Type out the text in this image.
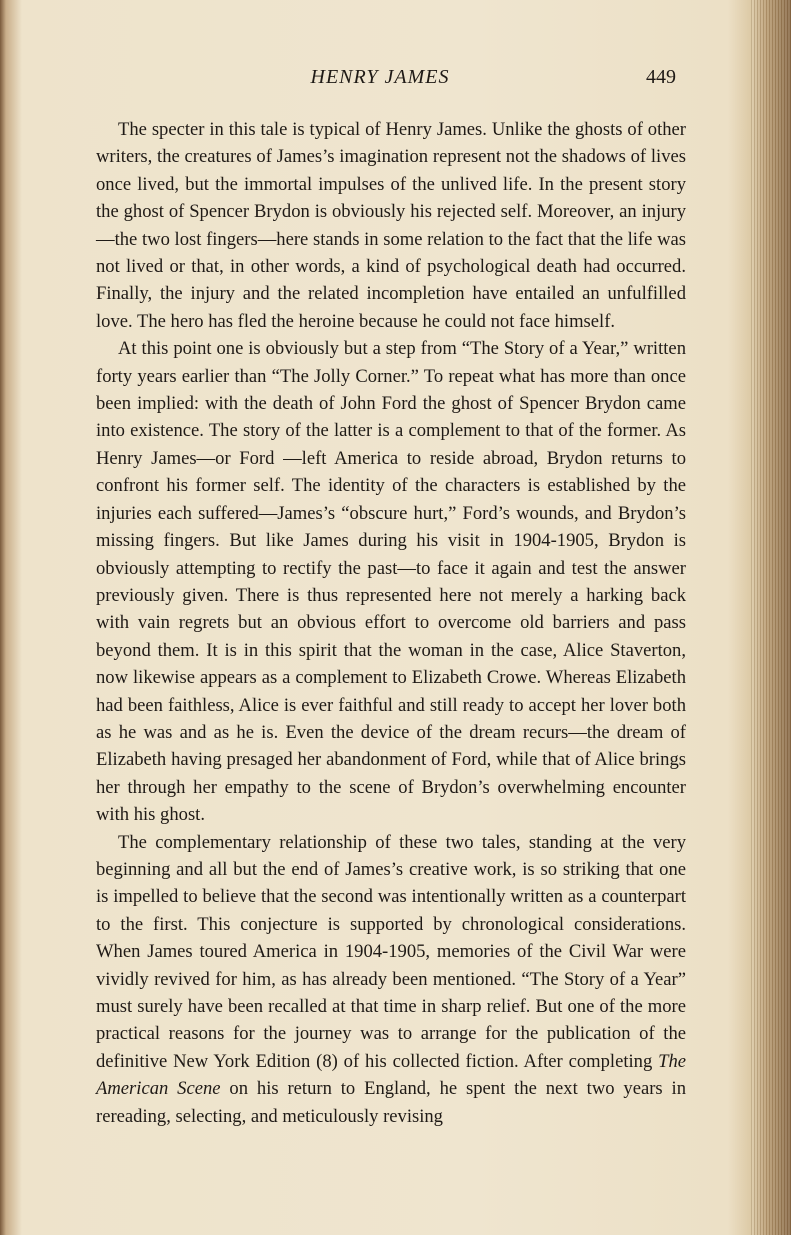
HENRY JAMES	449

The specter in this tale is typical of Henry James. Unlike the ghosts of other writers, the creatures of James’s imagination represent not the shadows of lives once lived, but the immortal impulses of the unlived life. In the present story the ghost of Spencer Brydon is obviously his rejected self. Moreover, an injury—the two lost fingers—here stands in some relation to the fact that the life was not lived or that, in other words, a kind of psychological death had occurred. Finally, the injury and the related incompletion have entailed an unfulfilled love. The hero has fled the heroine because he could not face himself.

At this point one is obviously but a step from “The Story of a Year,” written forty years earlier than “The Jolly Corner.” To repeat what has more than once been implied: with the death of John Ford the ghost of Spencer Brydon came into existence. The story of the latter is a complement to that of the former. As Henry James—or Ford —left America to reside abroad, Brydon returns to confront his former self. The identity of the characters is established by the injuries each suffered—James’s “obscure hurt,” Ford’s wounds, and Brydon’s missing fingers. But like James during his visit in 1904-1905, Brydon is obviously attempting to rectify the past—to face it again and test the answer previously given. There is thus represented here not merely a harking back with vain regrets but an obvious effort to overcome old barriers and pass beyond them. It is in this spirit that the woman in the case, Alice Staverton, now likewise appears as a complement to Elizabeth Crowe. Whereas Elizabeth had been faithless, Alice is ever faithful and still ready to accept her lover both as he was and as he is. Even the device of the dream recurs—the dream of Elizabeth having presaged her abandonment of Ford, while that of Alice brings her through her empathy to the scene of Brydon’s overwhelming encounter with his ghost.

The complementary relationship of these two tales, standing at the very beginning and all but the end of James’s creative work, is so striking that one is impelled to believe that the second was intentionally written as a counterpart to the first. This conjecture is supported by chronological considerations. When James toured America in 1904-1905, memories of the Civil War were vividly revived for him, as has already been mentioned. “The Story of a Year” must surely have been recalled at that time in sharp relief. But one of the more practical reasons for the journey was to arrange for the publication of the definitive New York Edition (8) of his collected fiction. After completing The American Scene on his return to England, he spent the next two years in rereading, selecting, and meticulously revising
